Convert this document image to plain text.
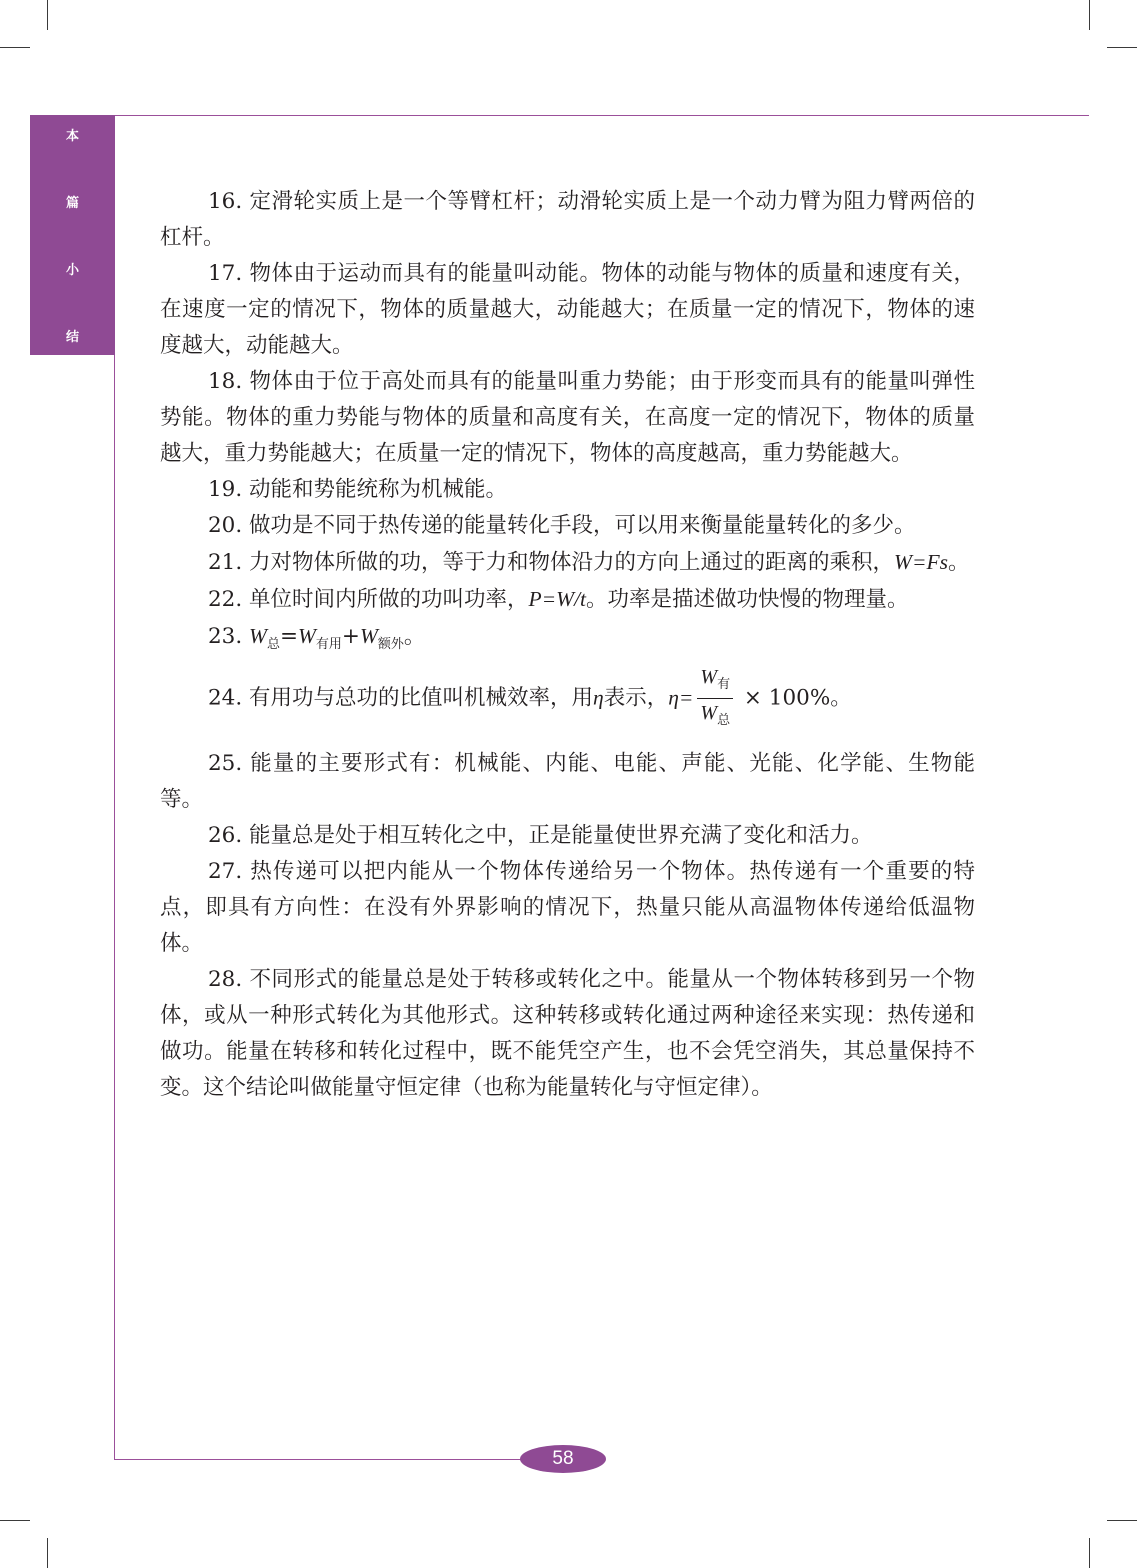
本
篇
小
结

16. 定滑轮实质上是一个等臂杠杆；动滑轮实质上是一个动力臂为阻力臂两倍的杠杆。

17. 物体由于运动而具有的能量叫动能。物体的动能与物体的质量和速度有关，在速度一定的情况下，物体的质量越大，动能越大；在质量一定的情况下，物体的速度越大，动能越大。

18. 物体由于位于高处而具有的能量叫重力势能；由于形变而具有的能量叫弹性势能。物体的重力势能与物体的质量和高度有关，在高度一定的情况下，物体的质量越大，重力势能越大；在质量一定的情况下，物体的高度越高，重力势能越大。

19. 动能和势能统称为机械能。

20. 做功是不同于热传递的能量转化手段，可以用来衡量能量转化的多少。

21. 力对物体所做的功，等于力和物体沿力的方向上通过的距离的乘积，W=Fs。

22. 单位时间内所做的功叫功率，P=W/t。功率是描述做功快慢的物理量。

23. $W_总=W_{有用}+W_{额外}$。

24. 有用功与总功的比值叫机械效率，用η表示，$\eta= \frac{W_有}{W_总} \times 100\%$。

25. 能量的主要形式有：机械能、内能、电能、声能、光能、化学能、生物能等。

26. 能量总是处于相互转化之中，正是能量使世界充满了变化和活力。

27. 热传递可以把内能从一个物体传递给另一个物体。热传递有一个重要的特点，即具有方向性：在没有外界影响的情况下，热量只能从高温物体传递给低温物体。

28. 不同形式的能量总是处于转移或转化之中。能量从一个物体转移到另一个物体，或从一种形式转化为其他形式。这种转移或转化通过两种途径来实现：热传递和做功。能量在转移和转化过程中，既不能凭空产生，也不会凭空消失，其总量保持不变。这个结论叫做能量守恒定律（也称为能量转化与守恒定律）。

58
